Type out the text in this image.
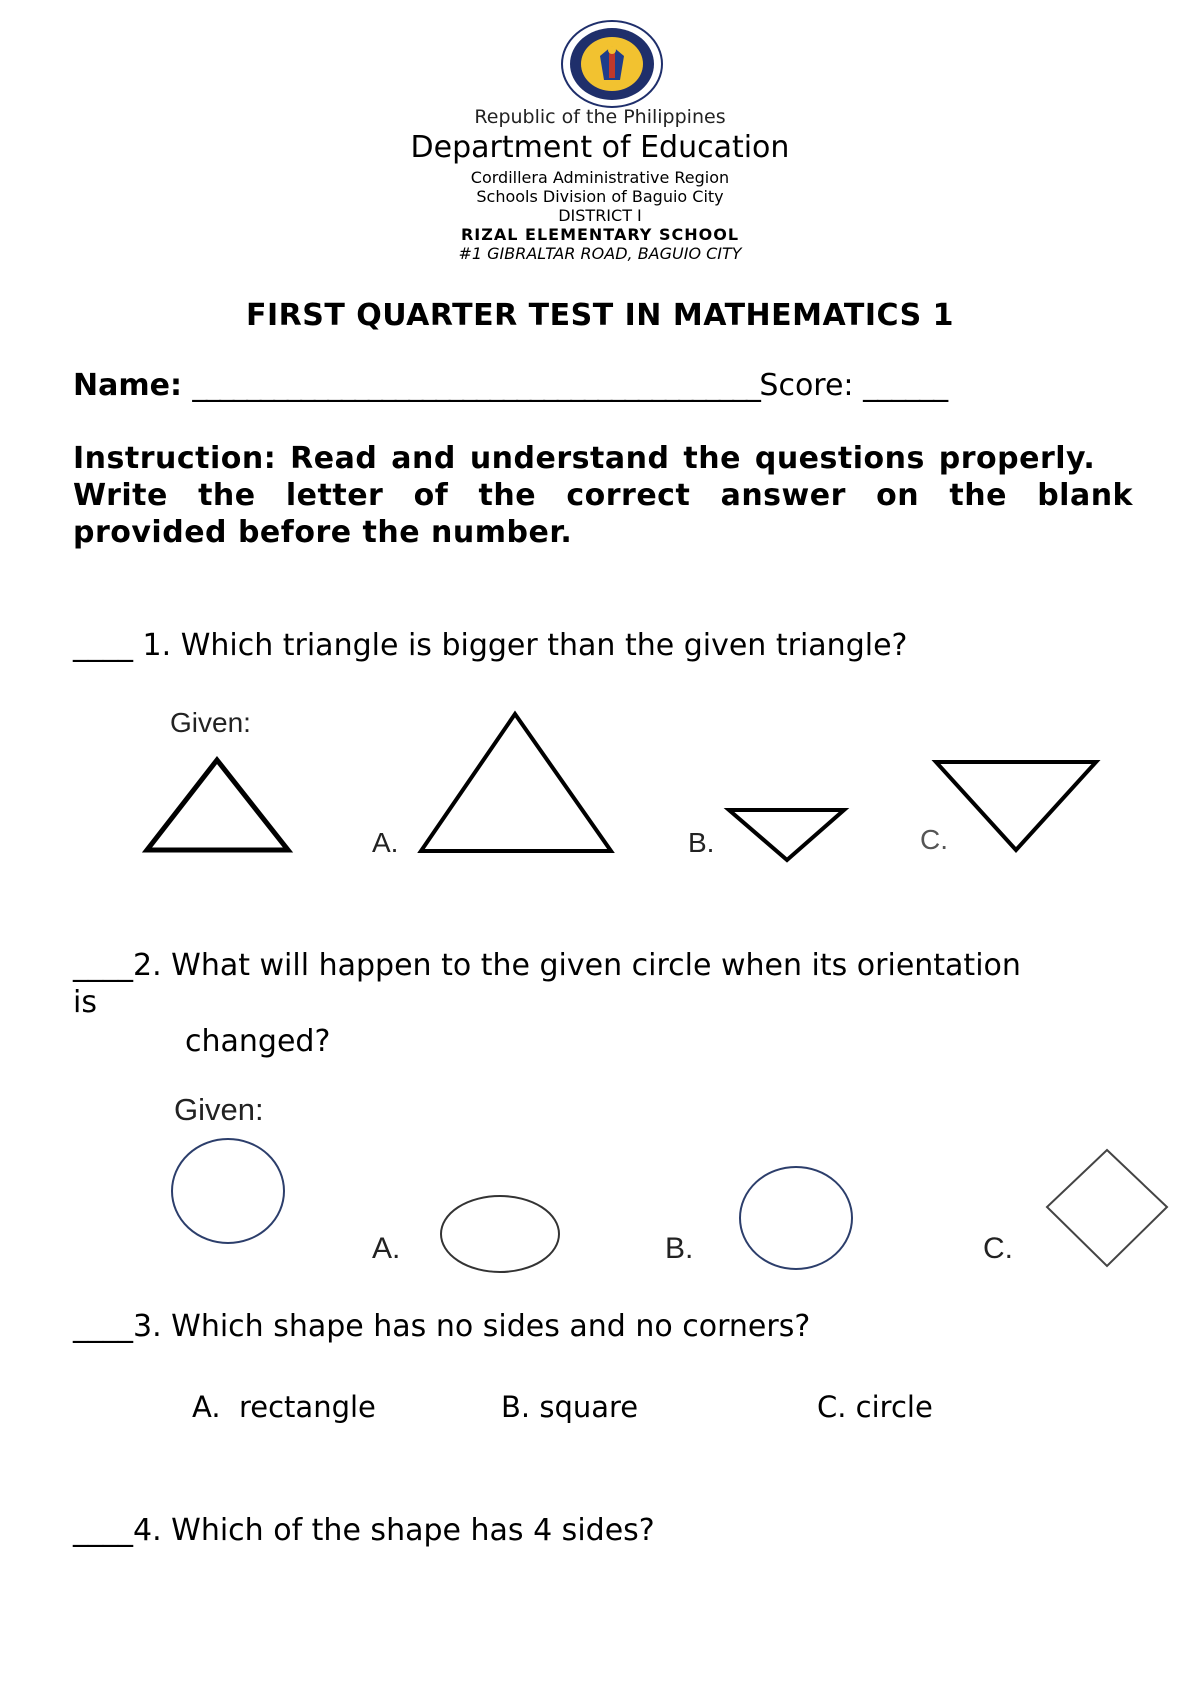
Republic of the Philippines
Department of Education
Cordillera Administrative Region
Schools Division of Baguio City
DISTRICT I
RIZAL ELEMENTARY SCHOOL
#1 GIBRALTAR ROAD, BAGUIO CITY
FIRST QUARTER TEST IN MATHEMATICS 1
Name: __________________________________________Score: ______
Instruction: Read and understand the questions properly.
Write the letter of the correct answer on the blank
provided before the number.
____ 1. Which triangle is bigger than the given triangle?
Given:
A.	B.	C.
____2. What will happen to the given circle when its orientation
is
changed?
Given:
A.	B.	C.
____3. Which shape has no sides and no corners?
A.  rectangle	B. square	C. circle
____4. Which of the shape has 4 sides?
